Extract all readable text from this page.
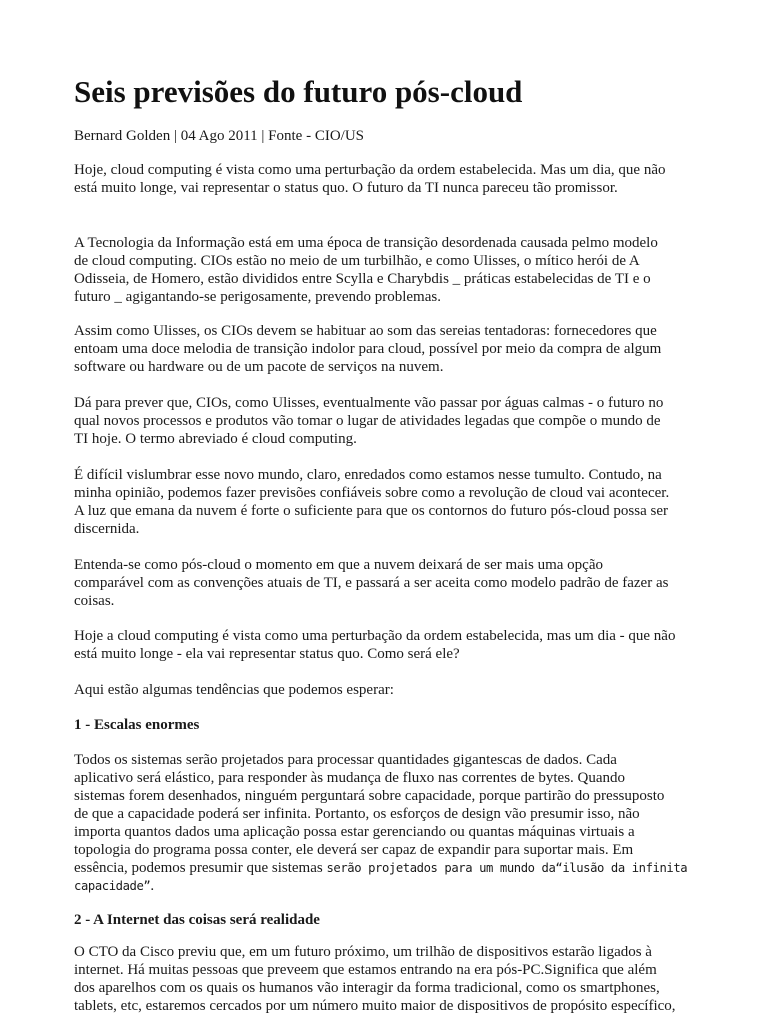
Seis previsões do futuro pós-cloud
Bernard Golden | 04 Ago 2011 | Fonte - CIO/US
Hoje, cloud computing é vista como uma perturbação da ordem estabelecida. Mas um dia, que não
está muito longe, vai representar o status quo. O futuro da TI nunca pareceu tão promissor.
A Tecnologia da Informação está em uma época de transição desordenada causada pelmo modelo
de cloud computing. CIOs estão no meio de um turbilhão, e como Ulisses, o mítico herói de A
Odisseia, de Homero, estão divididos entre Scylla e Charybdis _ práticas estabelecidas de TI e o
futuro _ agigantando-se perigosamente, prevendo problemas.
Assim como Ulisses, os CIOs devem se habituar ao som das sereias tentadoras: fornecedores que
entoam uma doce melodia de transição indolor para cloud, possível por meio da compra de algum
software ou hardware ou de um pacote de serviços na nuvem.
Dá para prever que, CIOs, como Ulisses, eventualmente vão passar por águas calmas - o futuro no
qual novos processos e produtos vão tomar o lugar de atividades legadas que compõe o mundo de
TI hoje. O termo abreviado é cloud computing.
É difícil vislumbrar esse novo mundo, claro, enredados como estamos nesse tumulto. Contudo, na
minha opinião, podemos fazer previsões confiáveis sobre como a revolução de cloud vai acontecer.
A luz que emana da nuvem é forte o suficiente para que os contornos do futuro pós-cloud possa ser
discernida.
Entenda-se como pós-cloud o momento em que a nuvem deixará de ser mais uma opção
comparável com as convenções atuais de TI, e passará a ser aceita como modelo padrão de fazer as
coisas.
Hoje a cloud computing é vista como uma perturbação da ordem estabelecida, mas um dia - que não
está muito longe - ela vai representar status quo. Como será ele?
Aqui estão algumas tendências que podemos esperar:
1 - Escalas enormes
Todos os sistemas serão projetados para processar quantidades gigantescas de dados. Cada
aplicativo será elástico, para responder às mudança de fluxo nas correntes de bytes. Quando
sistemas forem desenhados, ninguém perguntará sobre capacidade, porque partirão do pressuposto
de que a capacidade poderá ser infinita. Portanto, os esforços de design vão presumir isso, não
importa quantos dados uma aplicação possa estar gerenciando ou quantas máquinas virtuais a
topologia do programa possa conter, ele deverá ser capaz de expandir para suportar mais. Em
essência, podemos presumir que sistemas serão projetados para um mundo da“ilusão da infinita
capacidade”.
2 - A Internet das coisas será realidade
O CTO da Cisco previu que, em um futuro próximo, um trilhão de dispositivos estarão ligados à
internet. Há muitas pessoas que preveem que estamos entrando na era pós-PC.Significa que além
dos aparelhos com os quais os humanos vão interagir da forma tradicional, como os smartphones,
tablets, etc, estaremos cercados por um número muito maior de dispositivos de propósito específico,
